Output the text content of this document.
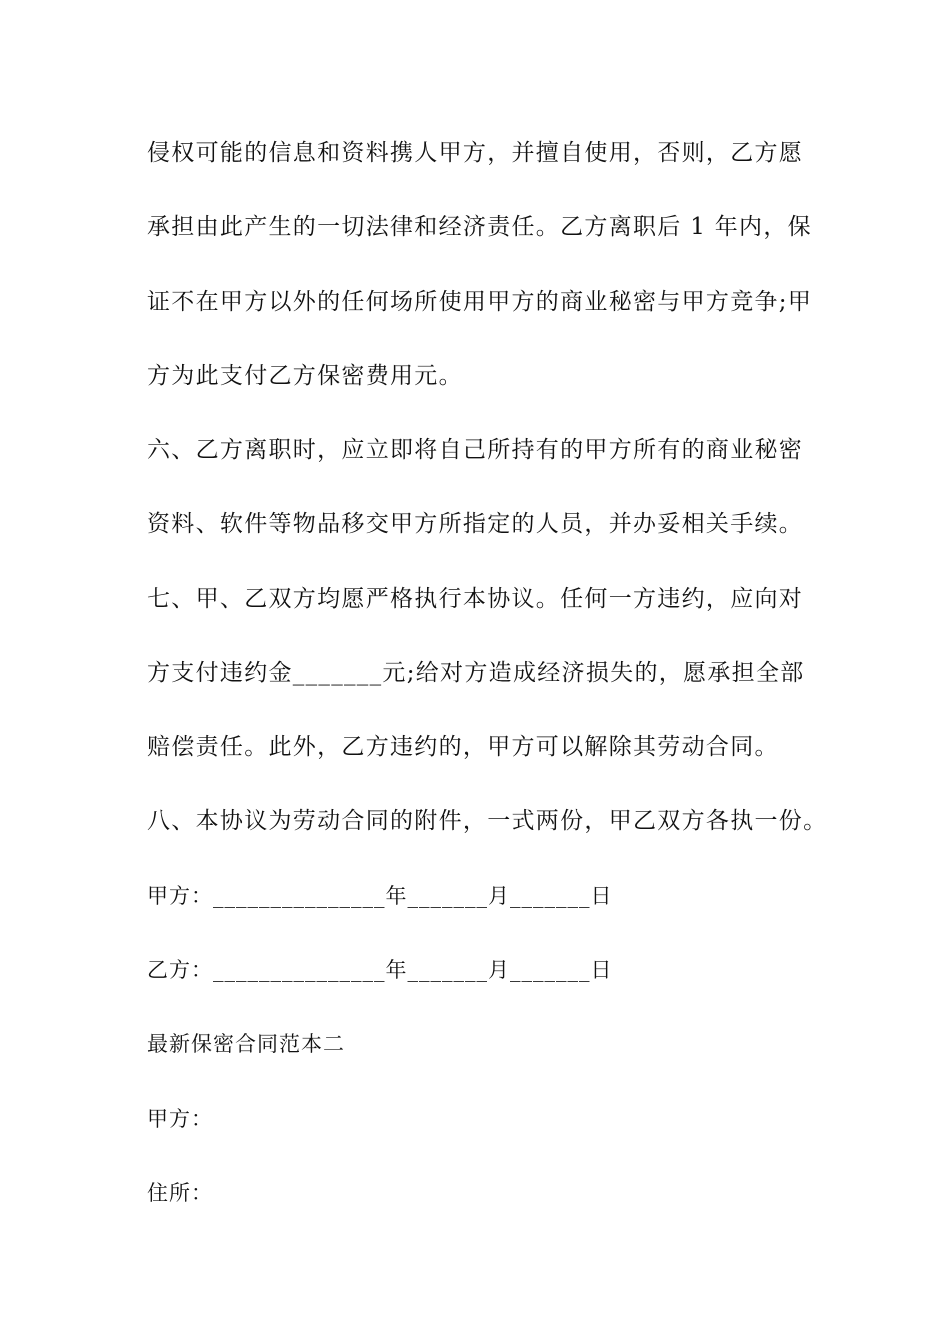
侵权可能的信息和资料携人甲方，并擅自使用，否则，乙方愿
承担由此产生的一切法律和经济责任。乙方离职后 1 年内，保
证不在甲方以外的任何场所使用甲方的商业秘密与甲方竞争;甲
方为此支付乙方保密费用元。
六、乙方离职时，应立即将自己所持有的甲方所有的商业秘密
资料、软件等物品移交甲方所指定的人员，并办妥相关手续。
七、甲、乙双方均愿严格执行本协议。任何一方违约，应向对
方支付违约金_______元;给对方造成经济损失的，愿承担全部
赔偿责任。此外，乙方违约的，甲方可以解除其劳动合同。
八、本协议为劳动合同的附件，一式两份，甲乙双方各执一份。
甲方：_______________年_______月_______日
乙方：_______________年_______月_______日
最新保密合同范本二
甲方：
住所：
